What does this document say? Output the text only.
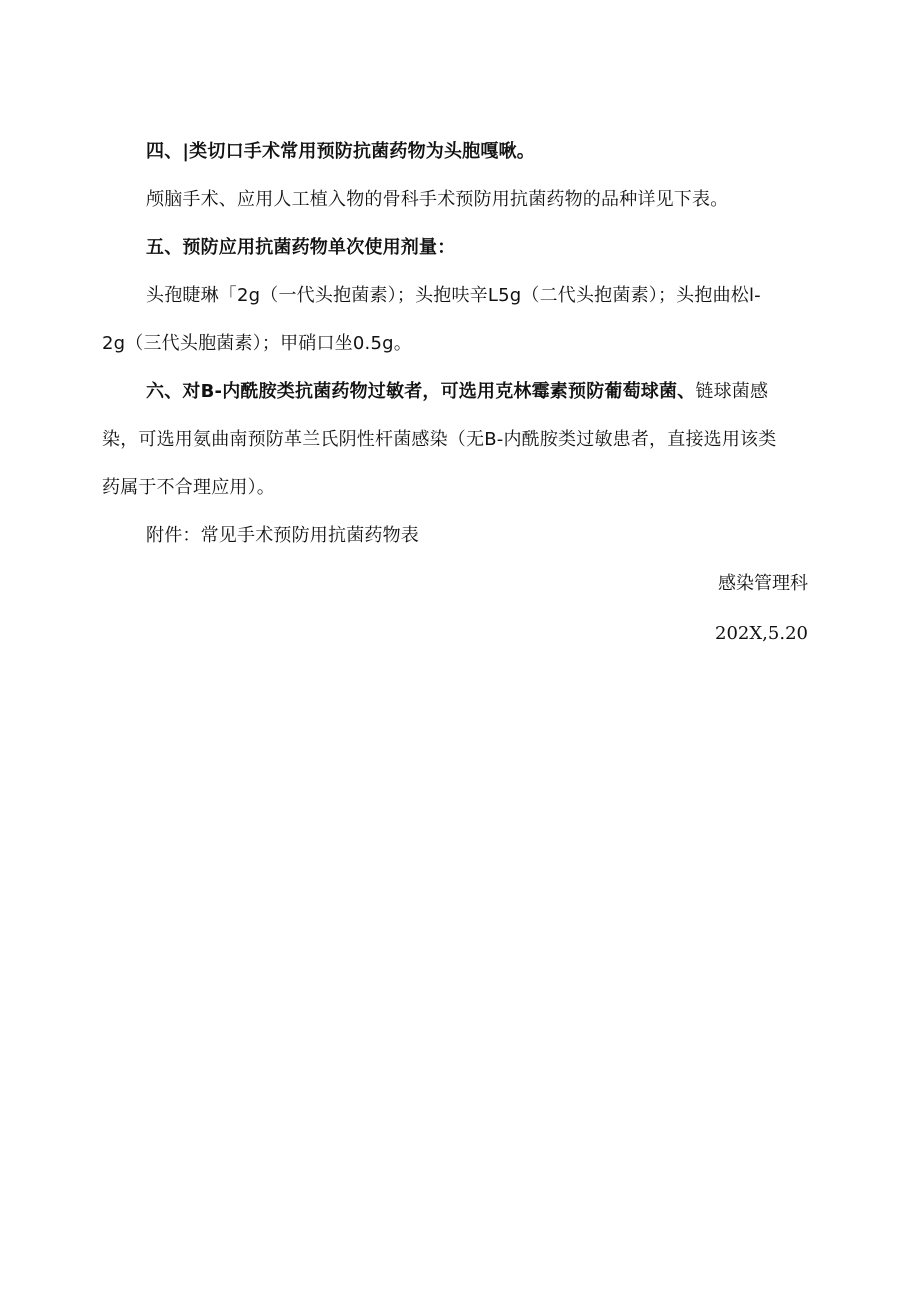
四、|类切口手术常用预防抗菌药物为头胞嘎啾。

颅脑手术、应用人工植入物的骨科手术预防用抗菌药物的品种详见下表。

五、预防应用抗菌药物单次使用剂量：

头孢睫琳「2g（一代头抱菌素）；头抱呋辛L5g（二代头抱菌素）；头抱曲松l-

2g（三代头胞菌素）；甲硝口坐0.5g。

六、对B-内酰胺类抗菌药物过敏者，可选用克林霉素预防葡萄球菌、链球菌感

染，可选用氨曲南预防革兰氏阴性杆菌感染（无B-内酰胺类过敏患者，直接选用该类

药属于不合理应用）。

附件：常见手术预防用抗菌药物表

感染管理科
202X,5.20
